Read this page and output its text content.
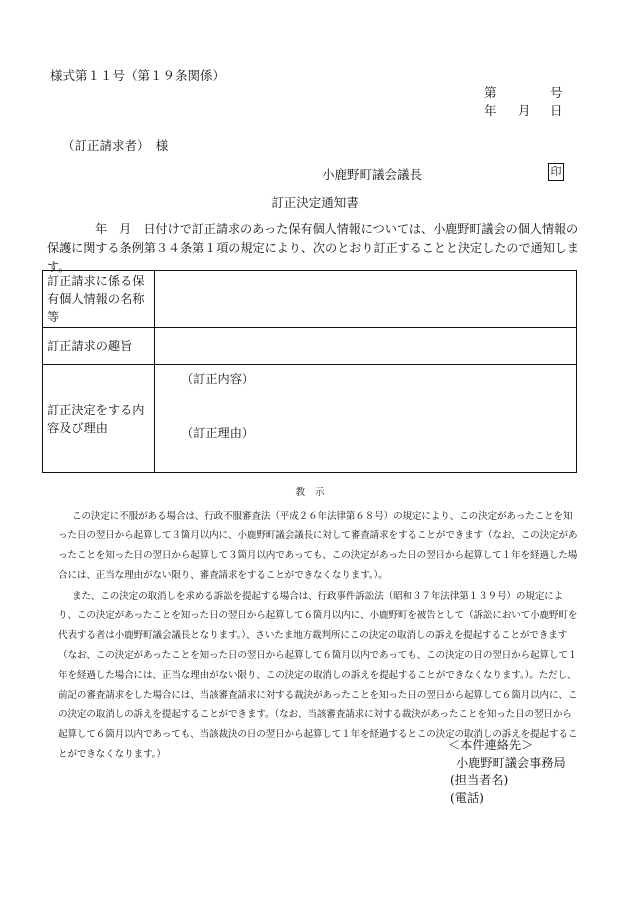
様式第１１号（第１９条関係）

第	号
年 月 日

（訂正請求者）　様

小鹿野町議会議長	印

訂正決定通知書

年　月　日付けで訂正請求のあった保有個人情報については、小鹿野町議会の個人情報の保護に関する条例第３４条第１項の規定により、次のとおり訂正することと決定したので通知します。

訂正請求に係る保有個人情報の名称等	
訂正請求の趣旨	
訂正決定をする内容及び理由	（訂正内容）
（訂正理由）

教示

この決定に不服がある場合は、行政不服審査法（平成２６年法律第６８号）の規定により、この決定があったことを知った日の翌日から起算して３箇月以内に、小鹿野町議会議長に対して審査請求をすることができます（なお、この決定があったことを知った日の翌日から起算して３箇月以内であっても、この決定があった日の翌日から起算して１年を経過した場合には、正当な理由がない限り、審査請求をすることができなくなります。）。

また、この決定の取消しを求める訴訟を提起する場合は、行政事件訴訟法（昭和３７年法律第１３９号）の規定により、この決定があったことを知った日の翌日から起算して６箇月以内に、小鹿野町を被告として（訴訟において小鹿野町を代表する者は小鹿野町議会議長となります。）、さいたま地方裁判所にこの決定の取消しの訴えを提起することができます（なお、この決定があったことを知った日の翌日から起算して６箇月以内であっても、この決定の日の翌日から起算して１年を経過した場合には、正当な理由がない限り、この決定の取消しの訴えを提起することができなくなります。）。ただし、前記の審査請求をした場合には、当該審査請求に対する裁決があったことを知った日の翌日から起算して６箇月以内に、この決定の取消しの訴えを提起することができます。（なお、当該審査請求に対する裁決があったことを知った日の翌日から起算して６箇月以内であっても、当該裁決の日の翌日から起算して１年を経過するとこの決定の取消しの訴えを提起することができなくなります。）

＜本件連絡先＞
小鹿野町議会事務局
(担当者名)
(電話)
